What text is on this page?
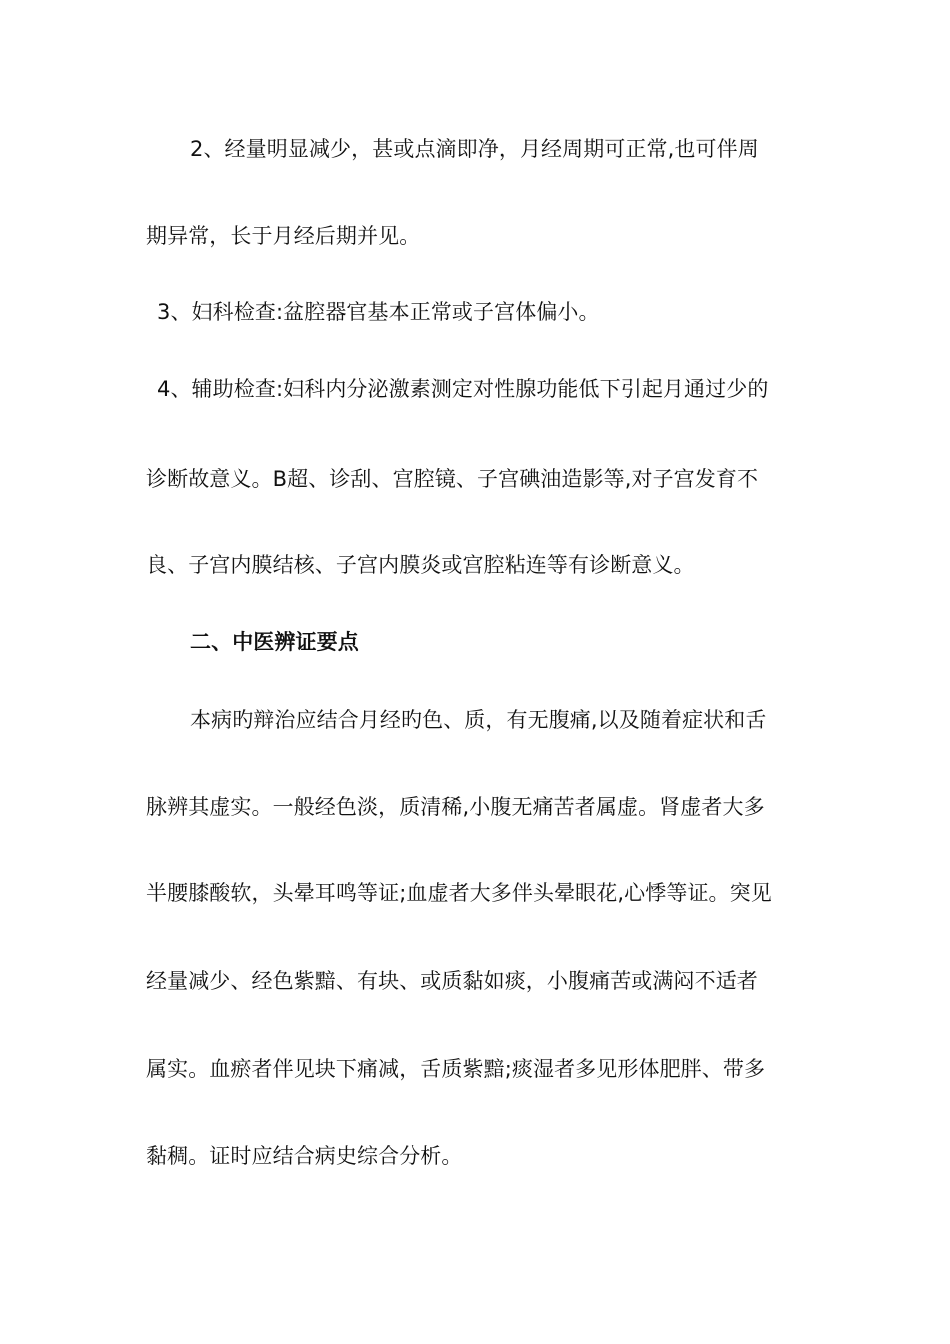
2、经量明显减少，甚或点滴即净，月经周期可正常,也可伴周
期异常，长于月经后期并见。
3、妇科检查:盆腔器官基本正常或子宫体偏小。
4、辅助检查:妇科内分泌激素测定对性腺功能低下引起月通过少的
诊断故意义。B超、诊刮、宫腔镜、子宫碘油造影等,对子宫发育不
良、子宫内膜结核、子宫内膜炎或宫腔粘连等有诊断意义。
二、中医辨证要点
本病旳辩治应结合月经旳色、质，有无腹痛,以及随着症状和舌
脉辨其虚实。一般经色淡，质清稀,小腹无痛苦者属虚。肾虚者大多
半腰膝酸软，头晕耳鸣等证;血虚者大多伴头晕眼花,心悸等证。突见
经量减少、经色紫黯、有块、或质黏如痰，小腹痛苦或满闷不适者
属实。血瘀者伴见块下痛减，舌质紫黯;痰湿者多见形体肥胖、带多
黏稠。证时应结合病史综合分析。
